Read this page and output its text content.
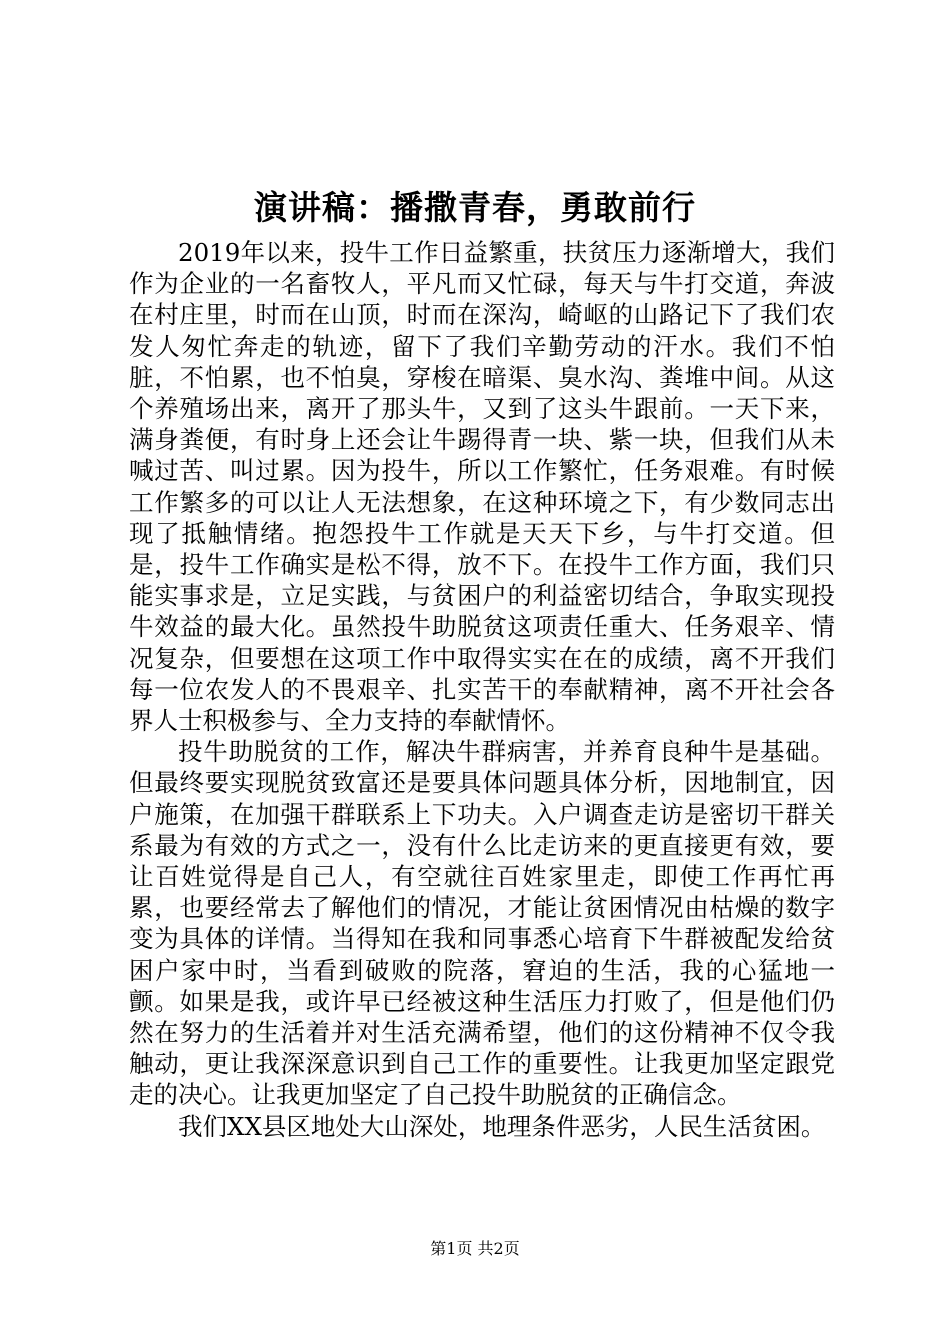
演讲稿：播撒青春，勇敢前行

2019年以来，投牛工作日益繁重，扶贫压力逐渐增大，我们作为企业的一名畜牧人，平凡而又忙碌，每天与牛打交道，奔波在村庄里，时而在山顶，时而在深沟，崎岖的山路记下了我们农发人匆忙奔走的轨迹，留下了我们辛勤劳动的汗水。我们不怕脏，不怕累，也不怕臭，穿梭在暗渠、臭水沟、粪堆中间。从这个养殖场出来，离开了那头牛，又到了这头牛跟前。一天下来，满身粪便，有时身上还会让牛踢得青一块、紫一块，但我们从未喊过苦、叫过累。因为投牛，所以工作繁忙，任务艰难。有时候工作繁多的可以让人无法想象，在这种环境之下，有少数同志出现了抵触情绪。抱怨投牛工作就是天天下乡，与牛打交道。但是，投牛工作确实是松不得，放不下。在投牛工作方面，我们只能实事求是，立足实践，与贫困户的利益密切结合，争取实现投牛效益的最大化。虽然投牛助脱贫这项责任重大、任务艰辛、情况复杂，但要想在这项工作中取得实实在在的成绩，离不开我们每一位农发人的不畏艰辛、扎实苦干的奉献精神，离不开社会各界人士积极参与、全力支持的奉献情怀。

投牛助脱贫的工作，解决牛群病害，并养育良种牛是基础。但最终要实现脱贫致富还是要具体问题具体分析，因地制宜，因户施策，在加强干群联系上下功夫。入户调查走访是密切干群关系最为有效的方式之一，没有什么比走访来的更直接更有效，要让百姓觉得是自己人，有空就往百姓家里走，即使工作再忙再累，也要经常去了解他们的情况，才能让贫困情况由枯燥的数字变为具体的详情。当得知在我和同事悉心培育下牛群被配发给贫困户家中时，当看到破败的院落，窘迫的生活，我的心猛地一颤。如果是我，或许早已经被这种生活压力打败了，但是他们仍然在努力的生活着并对生活充满希望，他们的这份精神不仅令我触动，更让我深深意识到自己工作的重要性。让我更加坚定跟党走的决心。让我更加坚定了自己投牛助脱贫的正确信念。

我们XX县区地处大山深处，地理条件恶劣，人民生活贫困。

第1页 共2页
